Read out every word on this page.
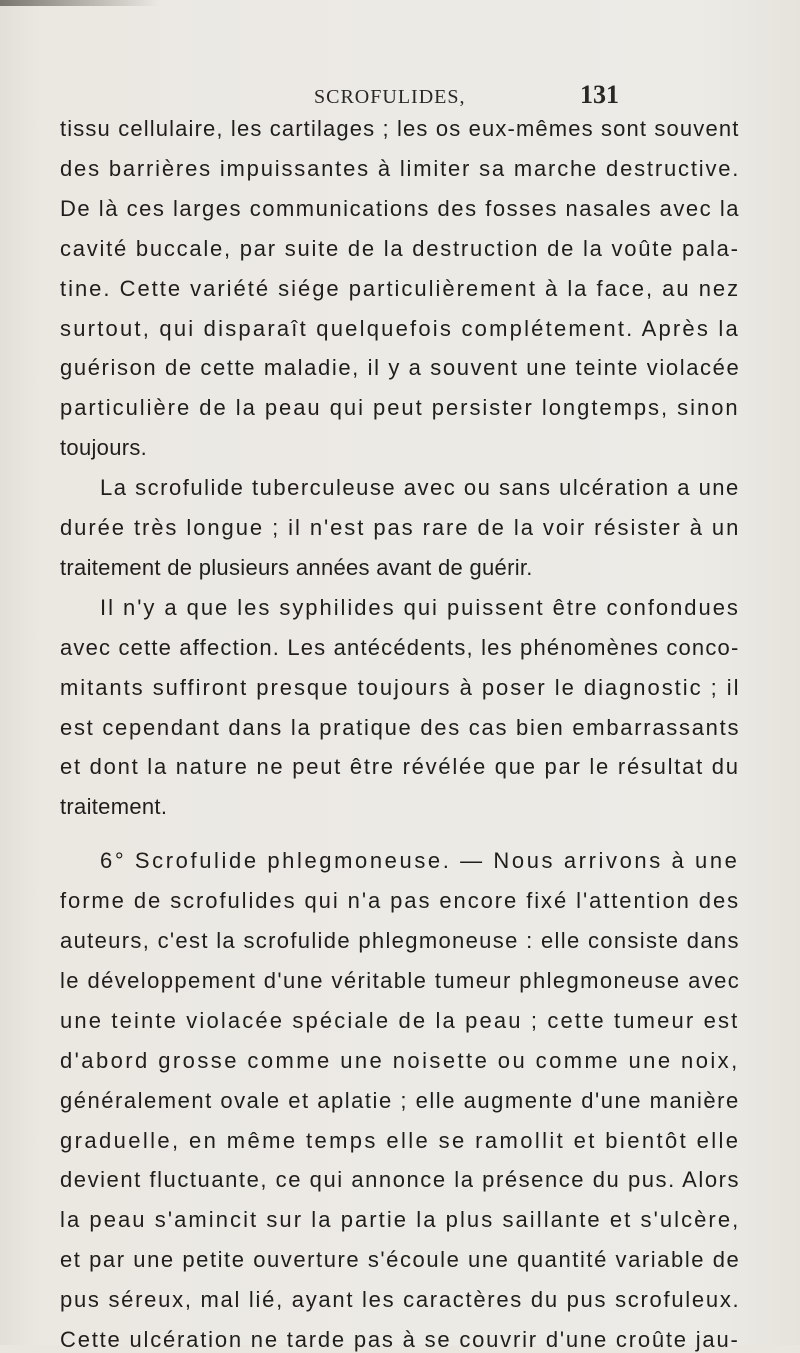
SCROFULIDES,	131
tissu cellulaire, les cartilages ; les os eux-mêmes sont souvent
des barrières impuissantes à limiter sa marche destructive.
De là ces larges communications des fosses nasales avec la
cavité buccale, par suite de la destruction de la voûte pala-
tine. Cette variété siége particulièrement à la face, au nez
surtout, qui disparaît quelquefois complétement. Après la
guérison de cette maladie, il y a souvent une teinte violacée
particulière de la peau qui peut persister longtemps, sinon
toujours.
La scrofulide tuberculeuse avec ou sans ulcération a une
durée très longue ; il n'est pas rare de la voir résister à un
traitement de plusieurs années avant de guérir.
Il n'y a que les syphilides qui puissent être confondues
avec cette affection. Les antécédents, les phénomènes conco-
mitants suffiront presque toujours à poser le diagnostic ; il
est cependant dans la pratique des cas bien embarrassants
et dont la nature ne peut être révélée que par le résultat du
traitement.
6° Scrofulide phlegmoneuse. — Nous arrivons à une
forme de scrofulides qui n'a pas encore fixé l'attention des
auteurs, c'est la scrofulide phlegmoneuse : elle consiste dans
le développement d'une véritable tumeur phlegmoneuse avec
une teinte violacée spéciale de la peau ; cette tumeur est
d'abord grosse comme une noisette ou comme une noix,
généralement ovale et aplatie ; elle augmente d'une manière
graduelle, en même temps elle se ramollit et bientôt elle
devient fluctuante, ce qui annonce la présence du pus. Alors
la peau s'amincit sur la partie la plus saillante et s'ulcère,
et par une petite ouverture s'écoule une quantité variable de
pus séreux, mal lié, ayant les caractères du pus scrofuleux.
Cette ulcération ne tarde pas à se couvrir d'une croûte jau-
